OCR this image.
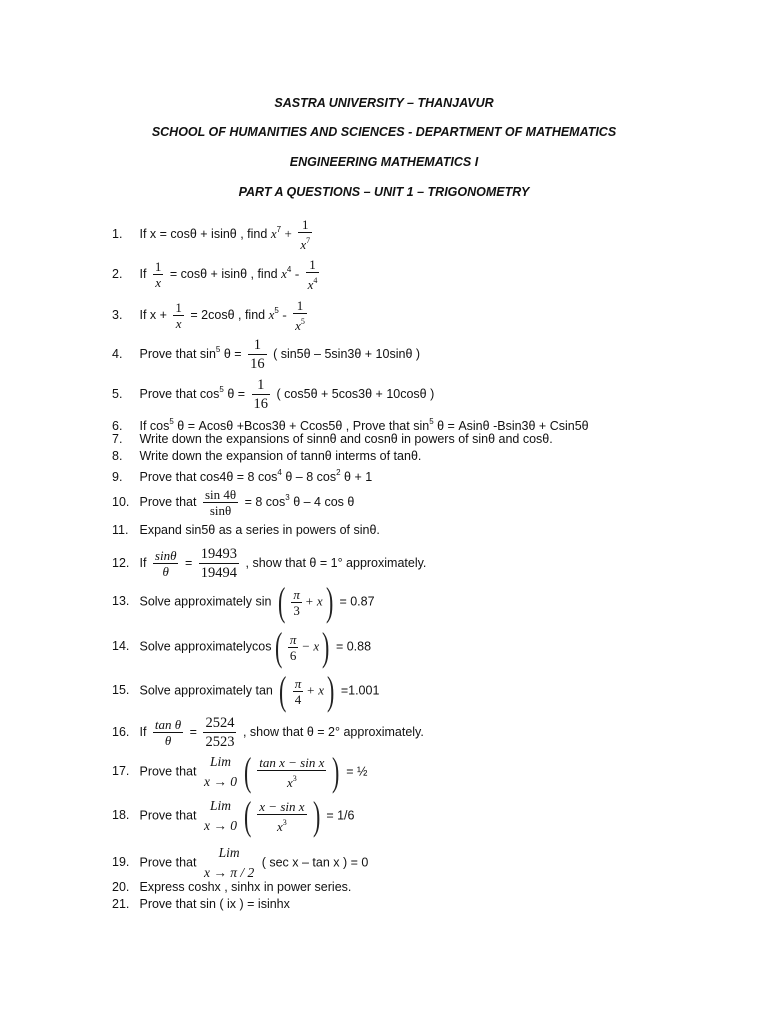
SASTRA UNIVERSITY – THANJAVUR
SCHOOL OF HUMANITIES AND SCIENCES - DEPARTMENT OF MATHEMATICS
ENGINEERING MATHEMATICS I
PART A QUESTIONS – UNIT 1 – TRIGONOMETRY
1. If x = cosθ + isinθ , find $x^7 + \frac{1}{x^7}$
2. If $\frac{1}{x} = \cos\theta + isin\theta$ , find $x^4 - \frac{1}{x^4}$
3. If $x + \frac{1}{x} = 2\cos\theta$ , find $x^5 - \frac{1}{x^5}$
4. Prove that $\sin^5 \theta = \frac{1}{16}$ ( sin5θ – 5sin3θ + 10sinθ )
5. Prove that $\cos^5 \theta = \frac{1}{16}$ ( cos5θ + 5cos3θ + 10cosθ )
6. If $\cos^5 \theta = Acos\theta +Bcos3\theta + Ccos5\theta$ , Prove that $\sin^5 \theta = Asin\theta$ -Bsin3θ + Csin5θ
7. Write down the expansions of sinnθ and cosnθ in powers of sinθ and cosθ.
8. Write down the expansion of tannθ interms of tanθ.
9. Prove that cos4θ = 8 $\cos^4 \theta - 8$ $\cos^2 \theta + 1$
10. Prove that $\frac{\sin 4\theta}{\sin\theta} = 8$ $\cos^3 \theta - 4$ cos θ
11. Expand sin5θ as a series in powers of sinθ.
12. If $\frac{\sin\theta}{\theta} = \frac{19493}{19494}$ , show that θ = 1° approximately.
13. Solve approximately sin ( $\frac{\pi}{3} + x) = 0.87$
14. Solve approximatelycos( $\frac{\pi}{6} - x) = 0.88$
15. Solve approximately tan ( $\frac{\pi}{4} + x) =1.001$
16. If $\frac{\text{tan θ}}{\theta} = \frac{2524}{2523}$ , show that θ = 2° approximately.
17. Prove that
Lim
x → 0 ( $\frac{\text{tan x − sin x}}{x^3}$ ) = ½
18. Prove that
Lim
x → 0 ( $\frac{\text{x − sin x}}{x^3}$ ) = 1/6
19. Prove that
Lim
x → π / 2
( sec x – tan x ) = 0
20. Express coshx , sinhx in power series.
21. Prove that sin ( ix ) = isinhx
